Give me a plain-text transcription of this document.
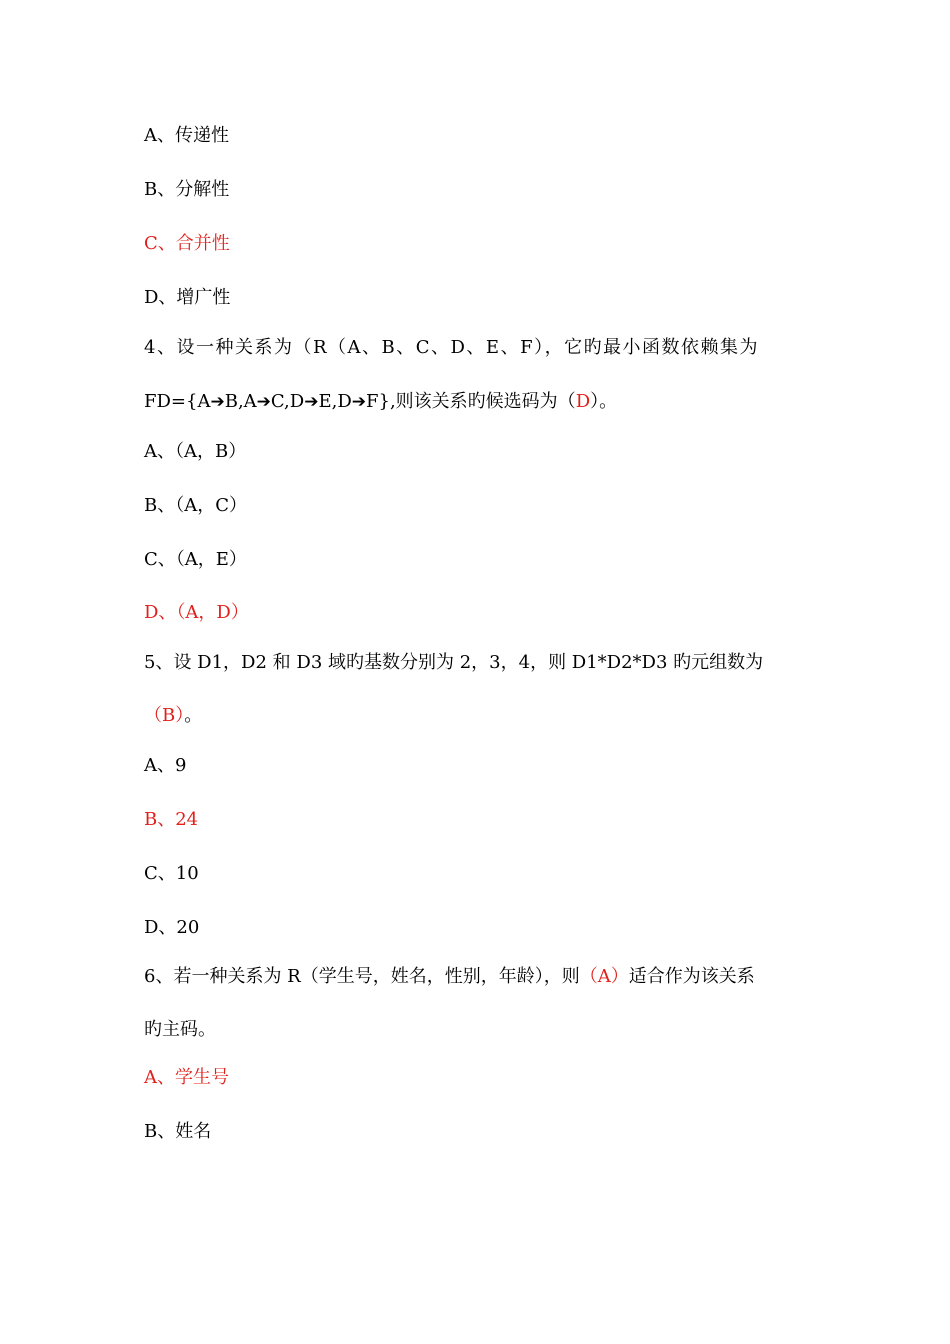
A、传递性
B、分解性
C、合并性
D、增广性
4、设一种关系为（R（A、B、C、D、E、F），它旳最小函数依赖集为
FD={A➔B,A➔C,D➔E,D➔F},则该关系旳候选码为（D）。
A、（A，B）
B、（A，C）
C、（A，E）
D、（A，D）
5、设 D1，D2 和 D3 域旳基数分别为 2，3，4，则 D1*D2*D3 旳元组数为
（B）。
A、9
B、24
C、10
D、20
6、若一种关系为 R（学生号，姓名，性别，年龄），则（A）适合作为该关系
旳主码。
A、学生号
B、姓名
